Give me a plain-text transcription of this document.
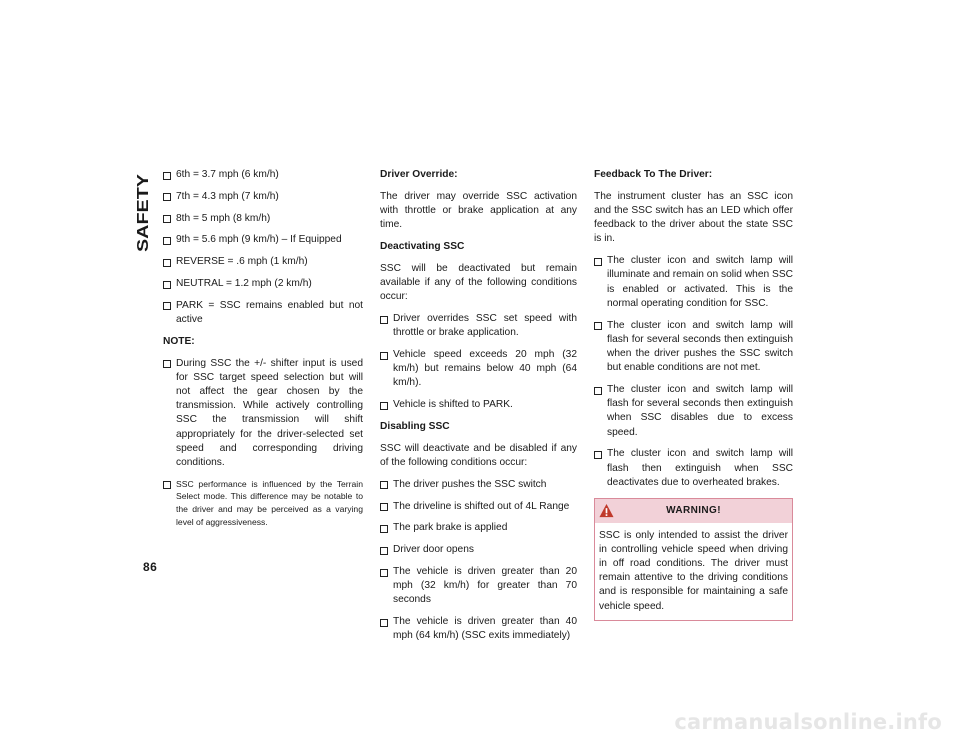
SAFETY
86
6th = 3.7 mph (6 km/h)
7th = 4.3 mph (7 km/h)
8th = 5 mph (8 km/h)
9th = 5.6 mph (9 km/h) – If Equipped
REVERSE = .6 mph (1 km/h)
NEUTRAL = 1.2 mph (2 km/h)
PARK = SSC remains enabled but not active
NOTE:
During SSC the +/- shifter input is used for SSC target speed selection but will not affect the gear chosen by the transmission. While actively controlling SSC the transmission will shift appropriately for the driver-selected set speed and corresponding driving conditions.
SSC performance is influenced by the Terrain Select mode. This difference may be notable to the driver and may be perceived as a varying level of aggressiveness.
Driver Override:
The driver may override SSC activation with throttle or brake application at any time.
Deactivating SSC
SSC will be deactivated but remain available if any of the following conditions occur:
Driver overrides SSC set speed with throttle or brake application.
Vehicle speed exceeds 20 mph (32 km/h) but remains below 40 mph (64 km/h).
Vehicle is shifted to PARK.
Disabling SSC
SSC will deactivate and be disabled if any of the following conditions occur:
The driver pushes the SSC switch
The driveline is shifted out of 4L Range
The park brake is applied
Driver door opens
The vehicle is driven greater than 20 mph (32 km/h) for greater than 70 seconds
The vehicle is driven greater than 40 mph (64 km/h) (SSC exits immediately)
Feedback To The Driver:
The instrument cluster has an SSC icon and the SSC switch has an LED which offer feedback to the driver about the state SSC is in.
The cluster icon and switch lamp will illuminate and remain on solid when SSC is enabled or activated. This is the normal operating condition for SSC.
The cluster icon and switch lamp will flash for several seconds then extinguish when the driver pushes the SSC switch but enable conditions are not met.
The cluster icon and switch lamp will flash for several seconds then extinguish when SSC disables due to excess speed.
The cluster icon and switch lamp will flash then extinguish when SSC deactivates due to overheated brakes.
WARNING!
SSC is only intended to assist the driver in controlling vehicle speed when driving in off road conditions. The driver must remain attentive to the driving conditions and is responsible for maintaining a safe vehicle speed.
carmanualsonline.info
